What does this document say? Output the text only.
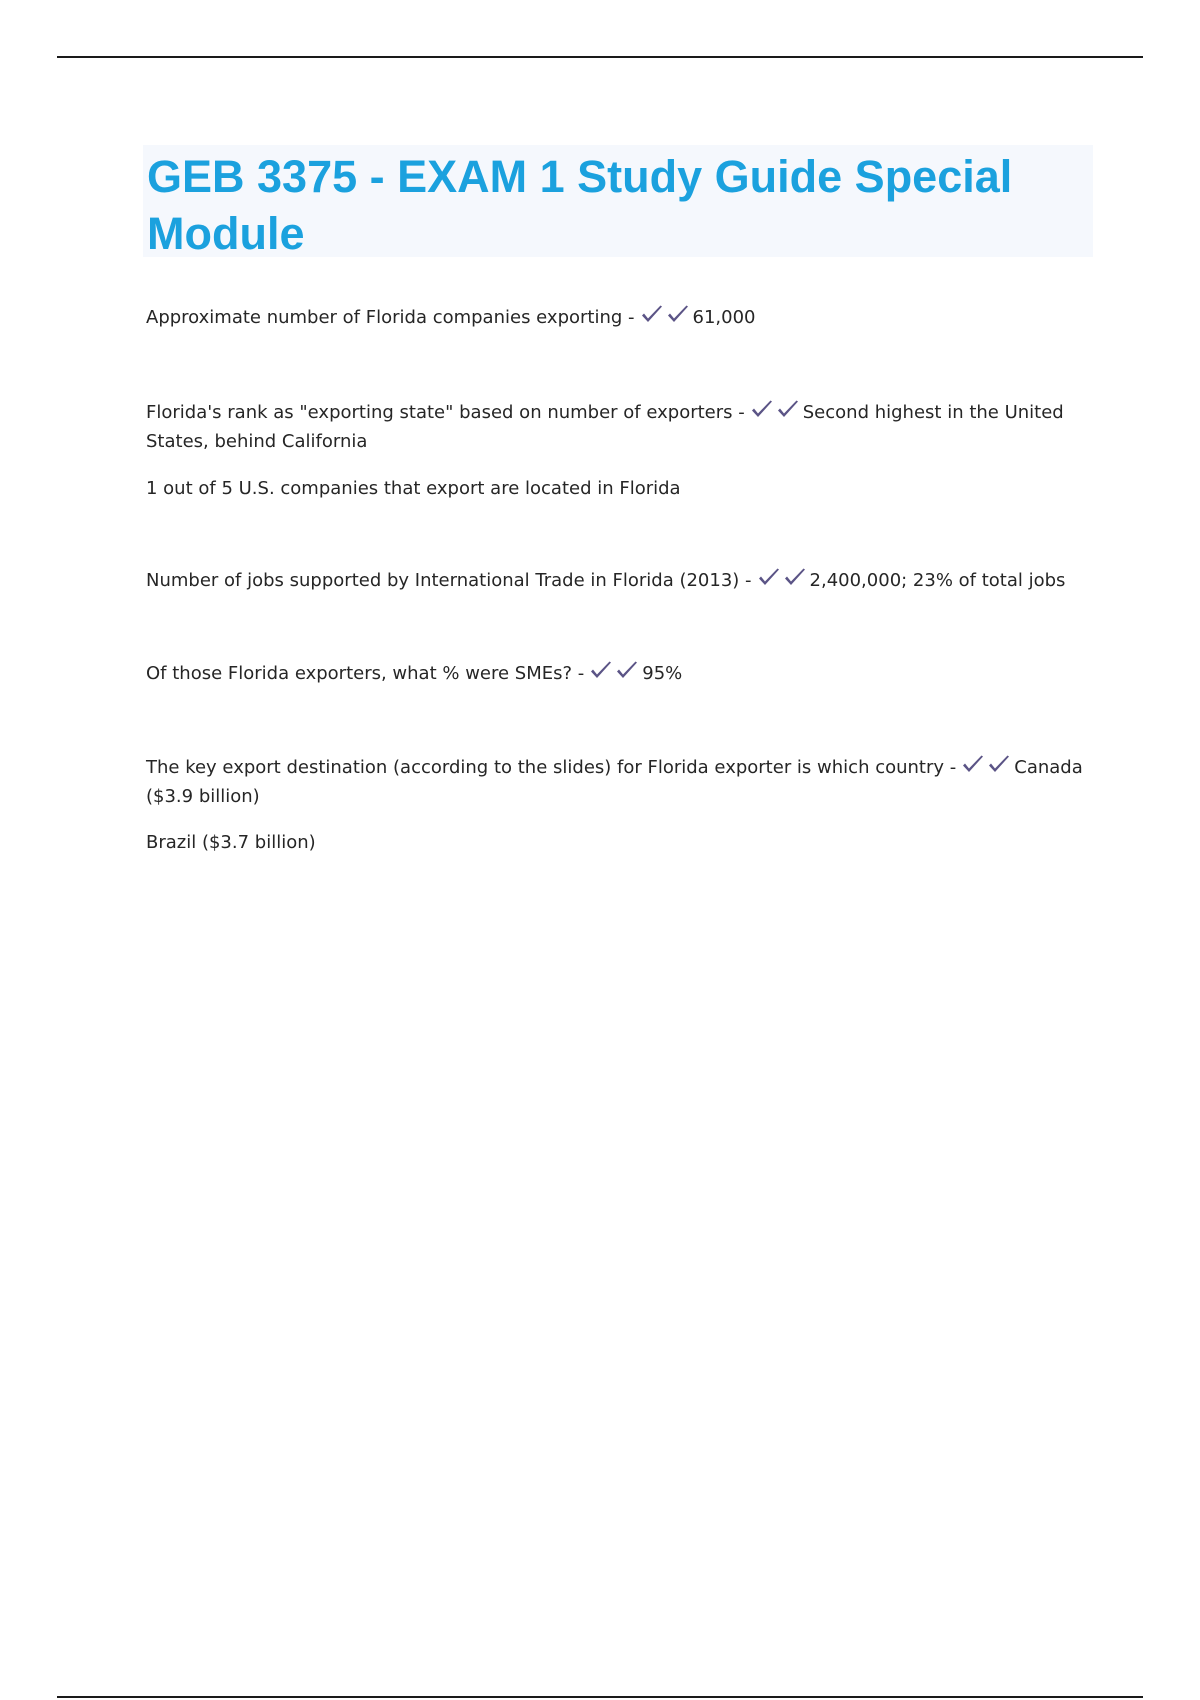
GEB 3375 - EXAM 1 Study Guide Special Module

Approximate number of Florida companies exporting -	61,000

Florida's rank as "exporting state" based on number of exporters -	Second highest in the United States, behind California

1 out of 5 U.S. companies that export are located in Florida

Number of jobs supported by International Trade in Florida (2013) -	2,400,000; 23% of total jobs

Of those Florida exporters, what % were SMEs? -	95%

The key export destination (according to the slides) for Florida exporter is which country -	Canada ($3.9 billion)

Brazil ($3.7 billion)
